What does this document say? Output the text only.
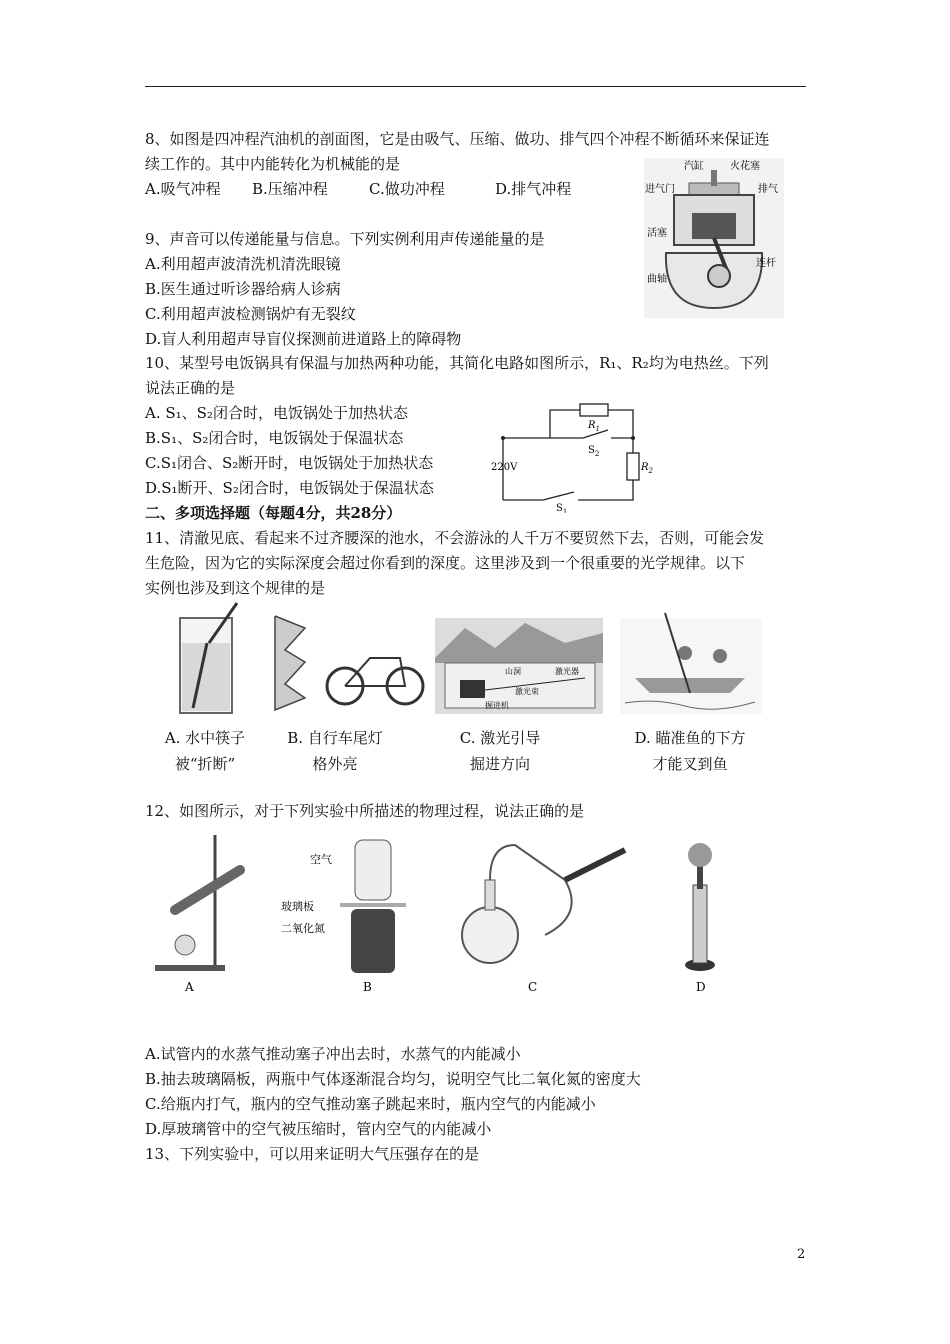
8、如图是四冲程汽油机的剖面图，它是由吸气、压缩、做功、排气四个冲程不断循环来保证连
续工作的。其中内能转化为机械能的是
A.吸气冲程 B.压缩冲程	C.做功冲程	D.排气冲程
汽缸	火花塞
进气门	排气
活塞
曲轴
连杆
9、声音可以传递能量与信息。下列实例利用声传递能量的是
A.利用超声波清洗机清洗眼镜
B.医生通过听诊器给病人诊病
C.利用超声波检测锅炉有无裂纹
D.盲人利用超声导盲仪探测前进道路上的障碍物
10、某型号电饭锅具有保温与加热两种功能，其简化电路如图所示，R₁、R₂均为电热丝。下列
说法正确的是
A. S₁、S₂闭合时，电饭锅处于加热状态
B.S₁、S₂闭合时，电饭锅处于保温状态
C.S₁闭合、S₂断开时，电饭锅处于加热状态
D.S₁断开、S₂闭合时，电饭锅处于保温状态
220V
$R_1$
$R_2$
$S_2$
$S_1$
二、多项选择题（每题4分，共28分）
11、清澈见底、看起来不过齐腰深的池水，不会游泳的人千万不要贸然下去，否则，可能会发
生危险，因为它的实际深度会超过你看到的深度。这里涉及到一个很重要的光学规律。以下
实例也涉及到这个规律的是
山洞	激光器
激光束
掘进机
A. 水中筷子
被“折断”
B. 自行车尾灯
格外亮
C. 激光引导
掘进方向
D. 瞄准鱼的下方
才能叉到鱼
12、如图所示，对于下列实验中所描述的物理过程，说法正确的是
A
空气
玻璃板
二氧化氮
B	C	D
A.试管内的水蒸气推动塞子冲出去时，水蒸气的内能减小
B.抽去玻璃隔板，两瓶中气体逐渐混合均匀，说明空气比二氧化氮的密度大
C.给瓶内打气，瓶内的空气推动塞子跳起来时，瓶内空气的内能减小
D.厚玻璃管中的空气被压缩时，管内空气的内能减小
13、下列实验中，可以用来证明大气压强存在的是
2
